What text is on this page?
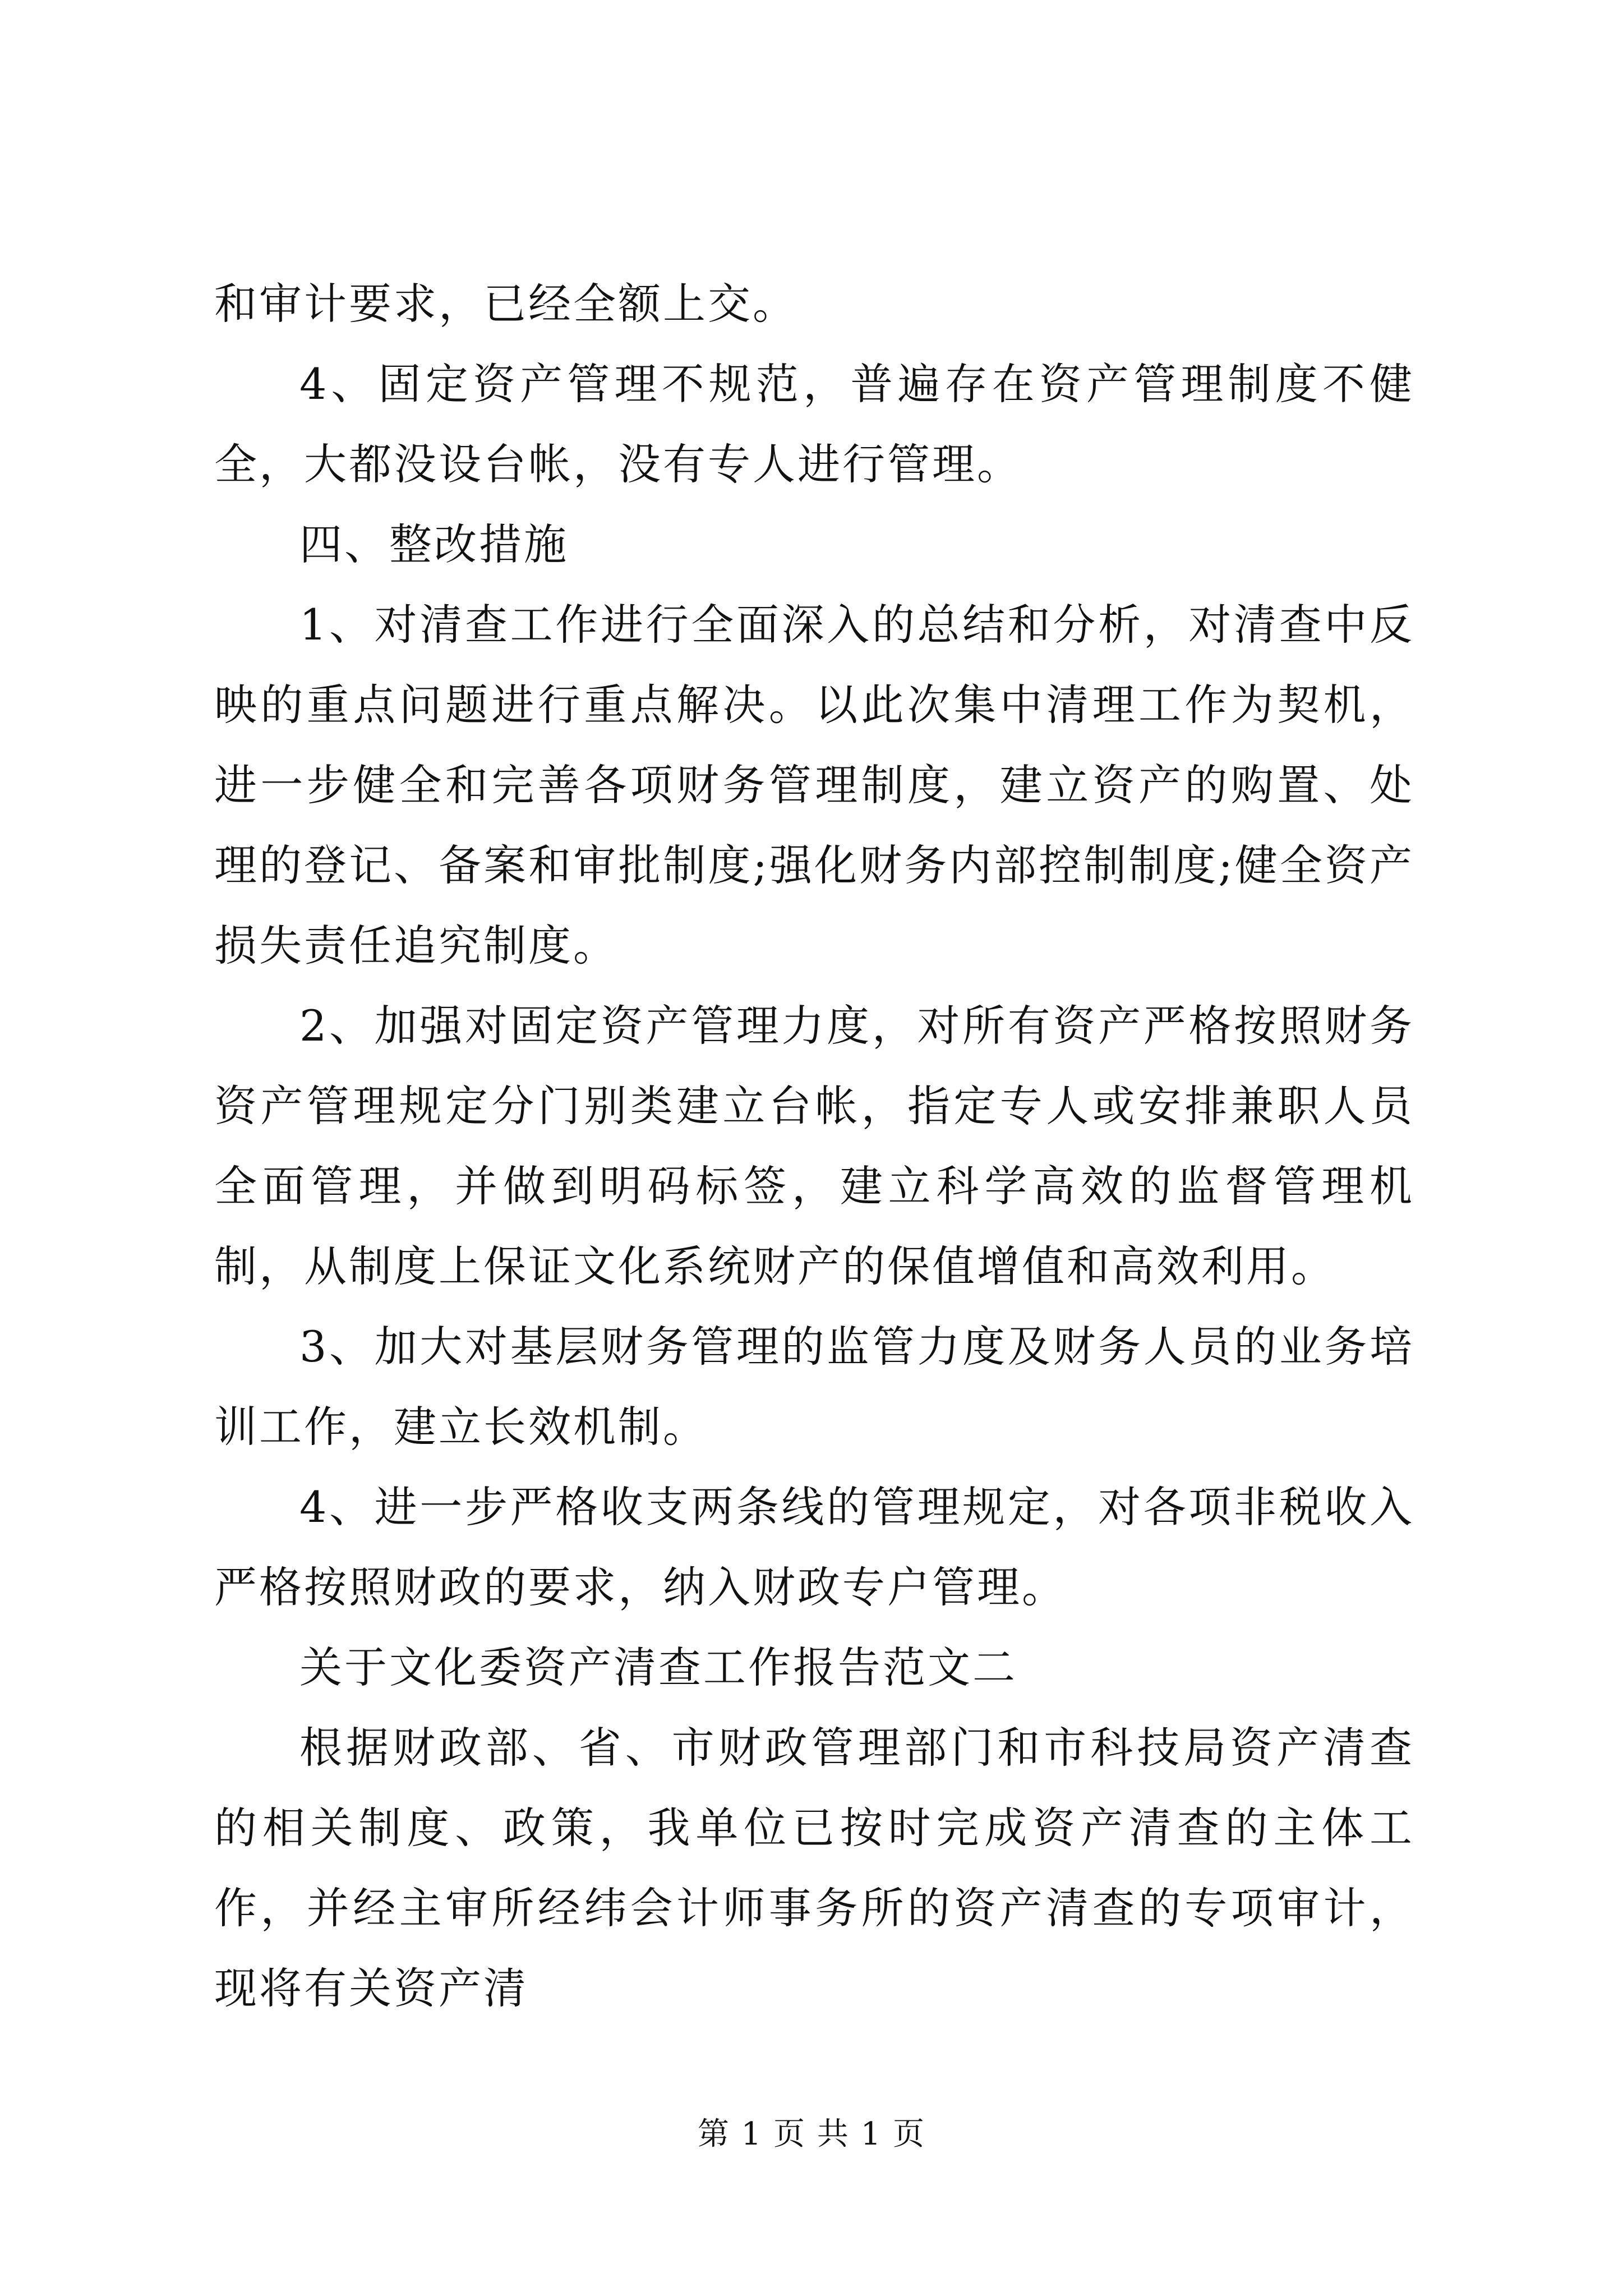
和审计要求，已经全额上交。

4、固定资产管理不规范，普遍存在资产管理制度不健全，大都没设台帐，没有专人进行管理。

四、整改措施

1、对清查工作进行全面深入的总结和分析，对清查中反映的重点问题进行重点解决。以此次集中清理工作为契机，进一步健全和完善各项财务管理制度，建立资产的购置、处理的登记、备案和审批制度;强化财务内部控制制度;健全资产损失责任追究制度。

2、加强对固定资产管理力度，对所有资产严格按照财务资产管理规定分门别类建立台帐，指定专人或安排兼职人员全面管理，并做到明码标签，建立科学高效的监督管理机制，从制度上保证文化系统财产的保值增值和高效利用。

3、加大对基层财务管理的监管力度及财务人员的业务培训工作，建立长效机制。

4、进一步严格收支两条线的管理规定，对各项非税收入严格按照财政的要求，纳入财政专户管理。

关于文化委资产清查工作报告范文二

根据财政部、省、市财政管理部门和市科技局资产清查的相关制度、政策，我单位已按时完成资产清查的主体工作，并经主审所经纬会计师事务所的资产清查的专项审计，现将有关资产清

第 1 页 共 1 页
